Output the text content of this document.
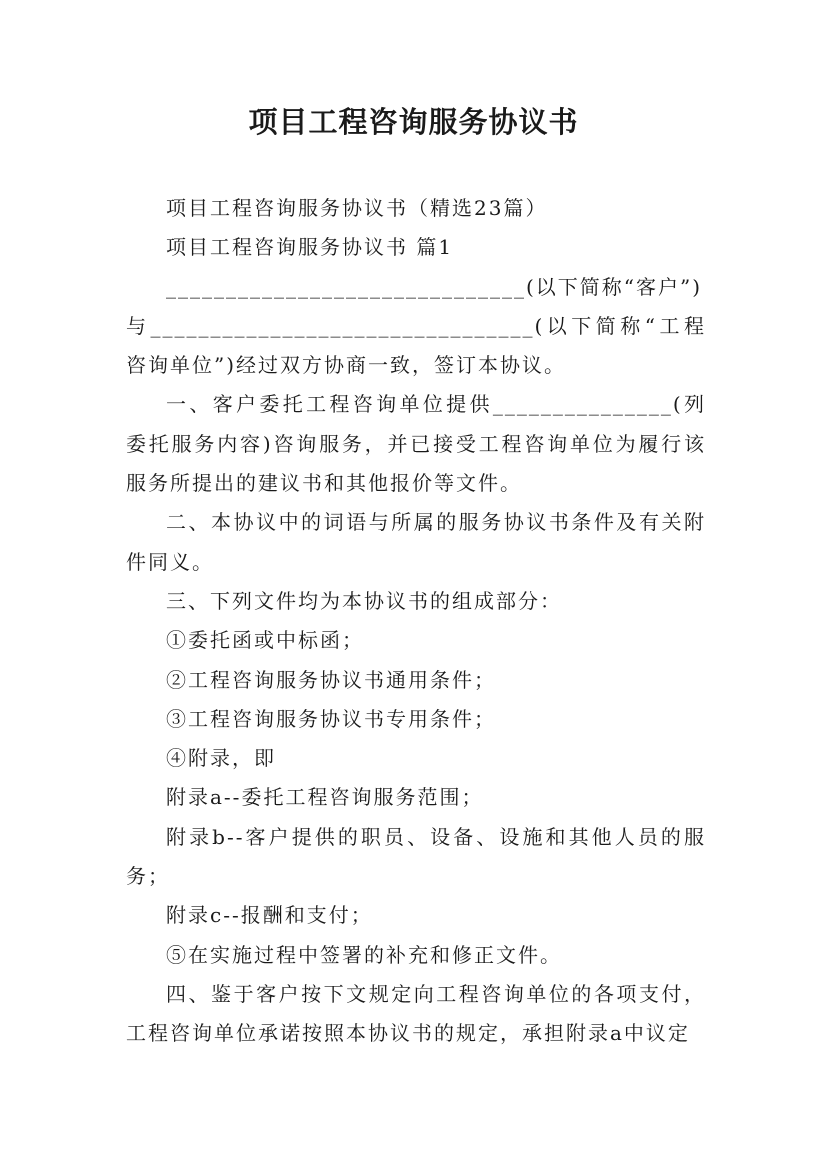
项目工程咨询服务协议书

项目工程咨询服务协议书（精选23篇）

项目工程咨询服务协议书 篇1

______________________________(以下简称“客户”)

与________________________________(以下简称“工程咨询单位”)经过双方协商一致，签订本协议。

一、客户委托工程咨询单位提供_______________(列委托服务内容)咨询服务，并已接受工程咨询单位为履行该服务所提出的建议书和其他报价等文件。

二、本协议中的词语与所属的服务协议书条件及有关附件同义。

三、下列文件均为本协议书的组成部分：

①委托函或中标函；

②工程咨询服务协议书通用条件；

③工程咨询服务协议书专用条件；

④附录，即

附录a--委托工程咨询服务范围；

附录b--客户提供的职员、设备、设施和其他人员的服务；

附录c--报酬和支付；

⑤在实施过程中签署的补充和修正文件。

四、鉴于客户按下文规定向工程咨询单位的各项支付，工程咨询单位承诺按照本协议书的规定，承担附录a中议定
